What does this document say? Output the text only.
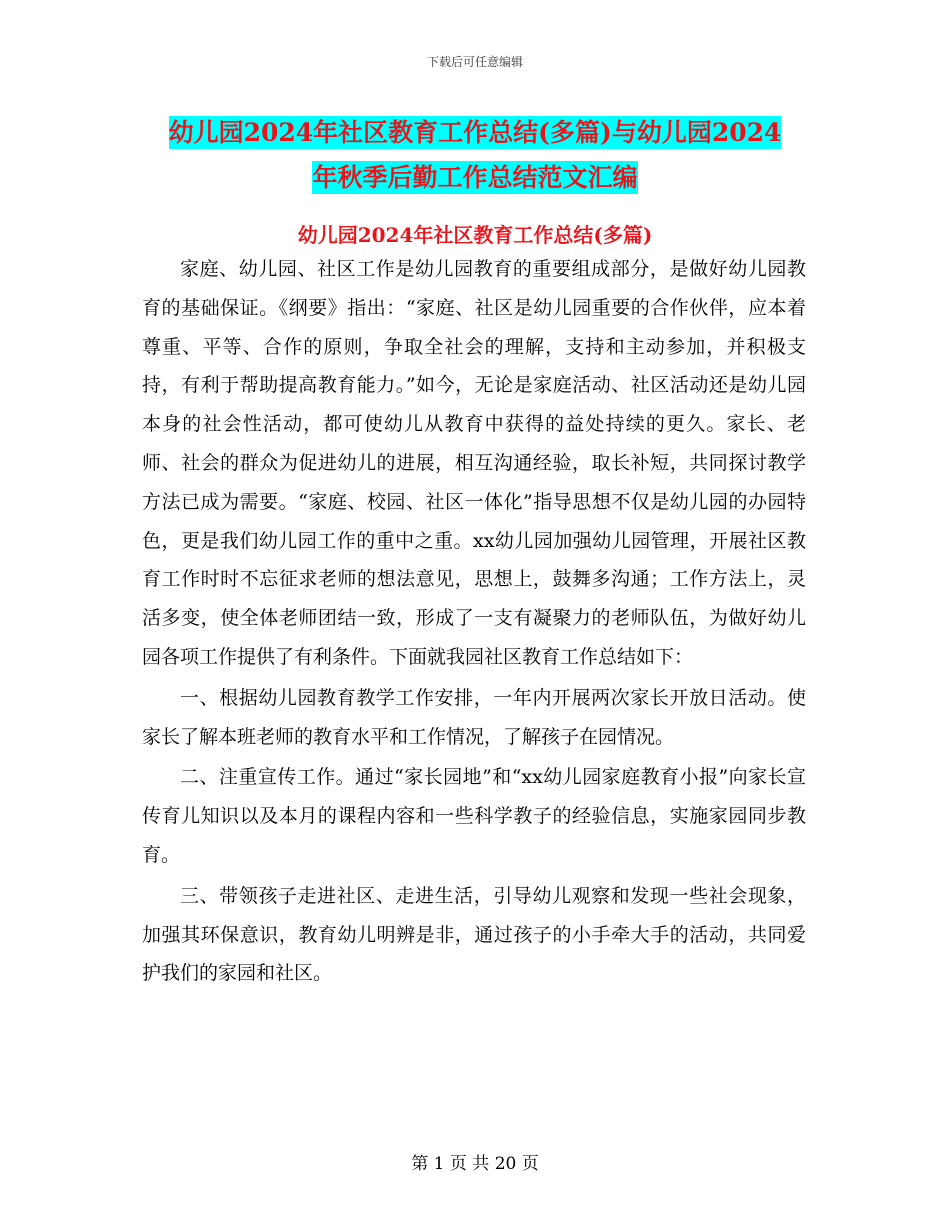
下载后可任意编辑
幼儿园2024年社区教育工作总结(多篇)与幼儿园2024
年秋季后勤工作总结范文汇编
幼儿园2024年社区教育工作总结(多篇)

家庭、幼儿园、社区工作是幼儿园教育的重要组成部分，是做好幼儿园教育的基础保证。《纲要》指出：“家庭、社区是幼儿园重要的合作伙伴，应本着尊重、平等、合作的原则，争取全社会的理解，支持和主动参加，并积极支持，有利于帮助提高教育能力。”如今，无论是家庭活动、社区活动还是幼儿园本身的社会性活动，都可使幼儿从教育中获得的益处持续的更久。家长、老师、社会的群众为促进幼儿的进展，相互沟通经验，取长补短，共同探讨教学方法已成为需要。“家庭、校园、社区一体化”指导思想不仅是幼儿园的办园特色，更是我们幼儿园工作的重中之重。xx幼儿园加强幼儿园管理，开展社区教育工作时时不忘征求老师的想法意见，思想上，鼓舞多沟通；工作方法上，灵活多变，使全体老师团结一致，形成了一支有凝聚力的老师队伍，为做好幼儿园各项工作提供了有利条件。下面就我园社区教育工作总结如下：

一、根据幼儿园教育教学工作安排，一年内开展两次家长开放日活动。使家长了解本班老师的教育水平和工作情况，了解孩子在园情况。

二、注重宣传工作。通过“家长园地”和“xx幼儿园家庭教育小报”向家长宣传育儿知识以及本月的课程内容和一些科学教子的经验信息，实施家园同步教育。

三、带领孩子走进社区、走进生活，引导幼儿观察和发现一些社会现象，加强其环保意识，教育幼儿明辨是非，通过孩子的小手牵大手的活动，共同爱护我们的家园和社区。

第 1 页 共 20 页
